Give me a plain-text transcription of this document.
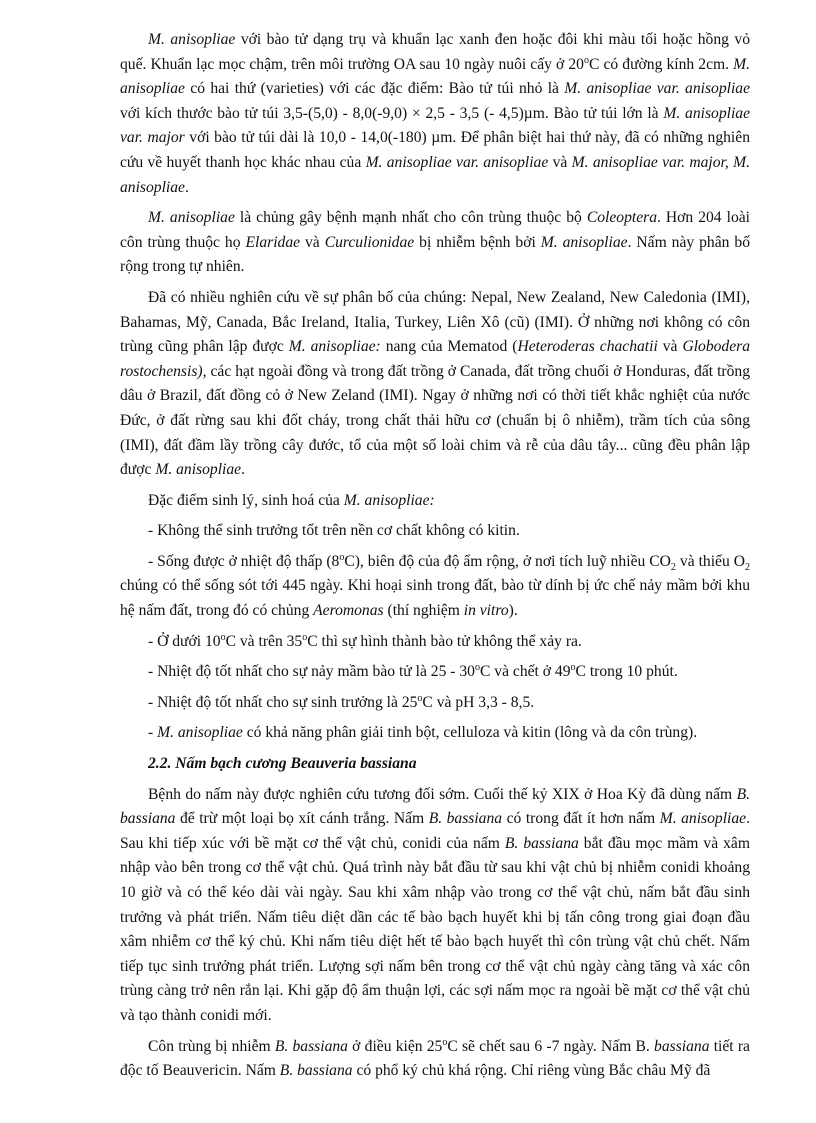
M. anisopliae với bào tử dạng trụ và khuẩn lạc xanh đen hoặc đôi khi màu tối hoặc hồng vỏ quế. Khuẩn lạc mọc chậm, trên môi trường OA sau 10 ngày nuôi cấy ở 20$^o$C có đường kính 2cm. M. anisopliae có hai thứ (varieties) với các đặc điểm: Bào tử túi nhỏ là M. anisopliae var. anisopliae với kích thước bào tử túi 3,5-(5,0) - 8,0(-9,0) × 2,5 - 3,5 (- 4,5)µm. Bào tử túi lớn là M. anisopliae var. major với bào tử túi dài là 10,0 - 14,0(-180) µm. Để phân biệt hai thứ này, đã có những nghiên cứu về huyết thanh học khác nhau của M. anisopliae var. anisopliae và M. anisopliae var. major, M. anisopliae.

M. anisopliae là chủng gây bệnh mạnh nhất cho côn trùng thuộc bộ Coleoptera. Hơn 204 loài côn trùng thuộc họ Elaridae và Curculionidae bị nhiễm bệnh bởi M. anisopliae. Nấm này phân bố rộng trong tự nhiên.

Đã có nhiều nghiên cứu về sự phân bố của chúng: Nepal, New Zealand, New Caledonia (IMI), Bahamas, Mỹ, Canada, Bắc Ireland, Italia, Turkey, Liên Xô (cũ) (IMI). Ở những nơi không có côn trùng cũng phân lập được M. anisopliae: nang của Mematod (Heteroderas chachatii và Globodera rostochensis), các hạt ngoài đồng và trong đất trồng ở Canada, đất trồng chuối ở Honduras, đất trồng dâu ở Brazil, đất đồng cỏ ở New Zeland (IMI). Ngay ở những nơi có thời tiết khắc nghiệt của nước Đức, ở đất rừng sau khi đốt cháy, trong chất thải hữu cơ (chuẩn bị ô nhiễm), trầm tích của sông (IMI), đất đầm lầy trồng cây đước, tổ của một số loài chim và rễ của dâu tây... cũng đều phân lập được M. anisopliae.

Đặc điểm sinh lý, sinh hoá của M. anisopliae:

- Không thể sinh trưởng tốt trên nền cơ chất không có kitin.

- Sống được ở nhiệt độ thấp (8$^o$C), biên độ của độ ẩm rộng, ở nơi tích luỹ nhiều $CO_2$ và thiếu $O_2$ chúng có thể sống sót tới 445 ngày. Khi hoại sinh trong đất, bào từ dính bị ức chế nảy mầm bởi khu hệ nấm đất, trong đó có chủng Aeromonas (thí nghiệm in vitro).

- Ở dưới 10$^o$C và trên 35$^o$C thì sự hình thành bào tử không thể xảy ra.

- Nhiệt độ tốt nhất cho sự nảy mầm bào tử là 25 - 30$^o$C và chết ở 49$^o$C trong 10 phút.

- Nhiệt độ tốt nhất cho sự sinh trưởng là 25$^o$C và pH 3,3 - 8,5.

- M. anisopliae có khả năng phân giải tinh bột, celluloza và kitin (lông và da côn trùng).

2.2. Nấm bạch cương Beauveria bassiana

Bệnh do nấm này được nghiên cứu tương đối sớm. Cuối thế kỷ XIX ở Hoa Kỳ đã dùng nấm B. bassiana để trừ một loại bọ xít cánh trắng. Nấm B. bassiana có trong đất ít hơn nấm M. anisopliae. Sau khi tiếp xúc với bề mặt cơ thể vật chủ, conidi của nấm B. bassiana bắt đầu mọc mầm và xâm nhập vào bên trong cơ thể vật chủ. Quá trình này bắt đầu từ sau khi vật chủ bị nhiễm conidi khoảng 10 giờ và có thể kéo dài vài ngày. Sau khi xâm nhập vào trong cơ thể vật chủ, nấm bắt đầu sinh trưởng và phát triển. Nấm tiêu diệt dần các tế bào bạch huyết khi bị tấn công trong giai đoạn đầu xâm nhiễm cơ thể ký chủ. Khi nấm tiêu diệt hết tế bào bạch huyết thì côn trùng vật chủ chết. Nấm tiếp tục sinh trưởng phát triển. Lượng sợi nấm bên trong cơ thể vật chủ ngày càng tăng và xác côn trùng càng trở nên rắn lại. Khi gặp độ ẩm thuận lợi, các sợi nấm mọc ra ngoài bề mặt cơ thể vật chủ và tạo thành conidi mới.

Côn trùng bị nhiễm B. bassiana ở điều kiện 25$^o$C sẽ chết sau 6 -7 ngày. Nấm B. bassiana tiết ra độc tố Beauvericin. Nấm B. bassiana có phổ ký chủ khá rộng. Chỉ riêng vùng Bắc châu Mỹ đã
